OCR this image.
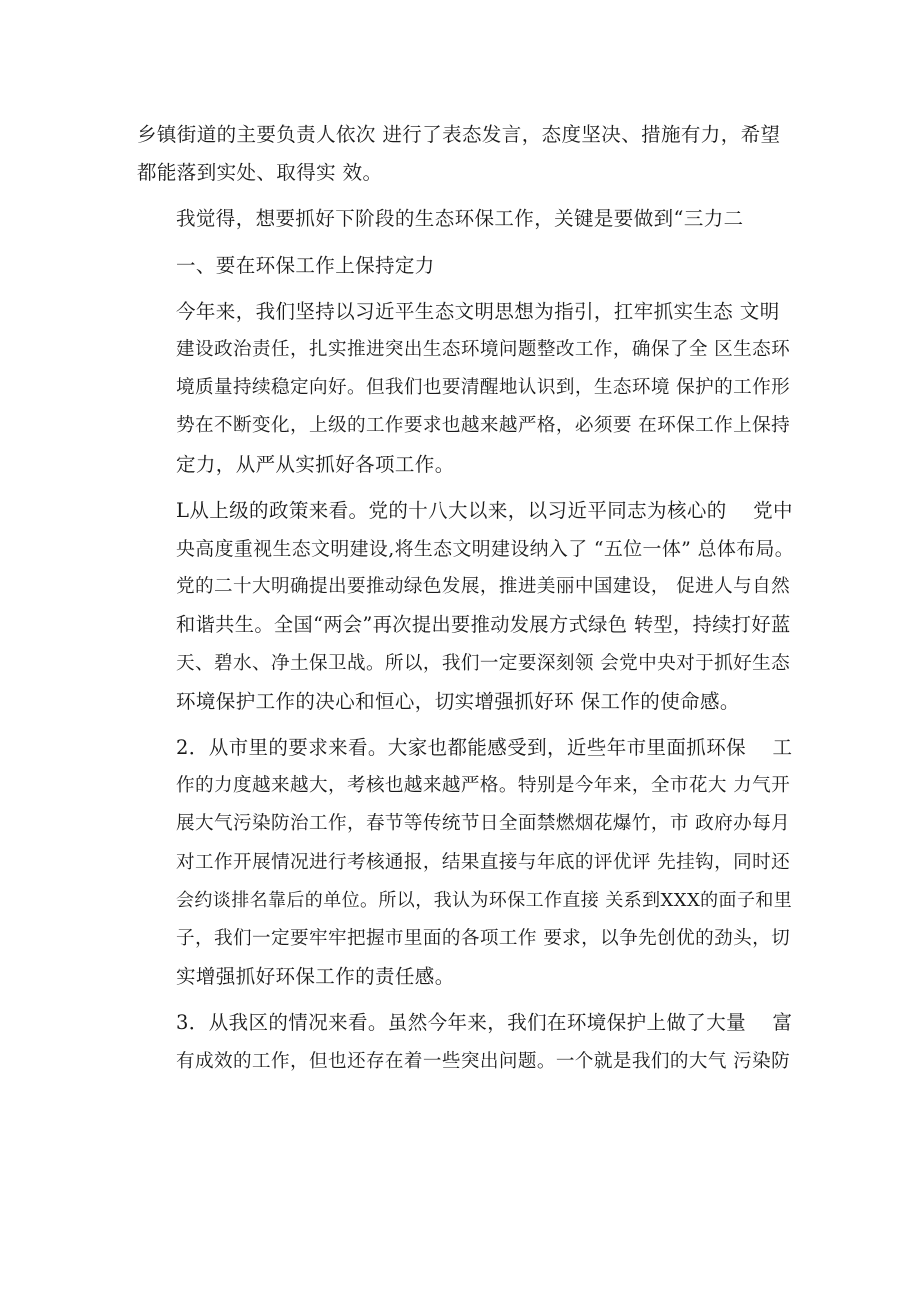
乡镇街道的主要负责人依次 进行了表态发言，态度坚决、措施有力，希望
都能落到实处、取得实 效。

我觉得，想要抓好下阶段的生态环保工作，关键是要做到“三力二

一、要在环保工作上保持定力

今年来，我们坚持以习近平生态文明思想为指引，扛牢抓实生态 文明
建设政治责任，扎实推进突出生态环境问题整改工作，确保了全 区生态环
境质量持续稳定向好。但我们也要清醒地认识到，生态环境 保护的工作形
势在不断变化，上级的工作要求也越来越严格，必须要 在环保工作上保持
定力，从严从实抓好各项工作。

L从上级的政策来看。党的十八大以来，以习近平同志为核心的　 党中
央高度重视生态文明建设,将生态文明建设纳入了 “五位一体” 总体布局。
党的二十大明确提出要推动绿色发展，推进美丽中国建设， 促进人与自然
和谐共生。全国“两会”再次提出要推动发展方式绿色 转型，持续打好蓝
天、碧水、净土保卫战。所以，我们一定要深刻领 会党中央对于抓好生态
环境保护工作的决心和恒心，切实增强抓好环 保工作的使命感。

2．从市里的要求来看。大家也都能感受到，近些年市里面抓环保　 工
作的力度越来越大，考核也越来越严格。特别是今年来，全市花大 力气开
展大气污染防治工作，春节等传统节日全面禁燃烟花爆竹，市 政府办每月
对工作开展情况进行考核通报，结果直接与年底的评优评 先挂钩，同时还
会约谈排名靠后的单位。所以，我认为环保工作直接 关系到XXX的面子和里
子，我们一定要牢牢把握市里面的各项工作 要求，以争先创优的劲头，切
实增强抓好环保工作的责任感。

3．从我区的情况来看。虽然今年来，我们在环境保护上做了大量　 富
有成效的工作，但也还存在着一些突出问题。一个就是我们的大气 污染防
